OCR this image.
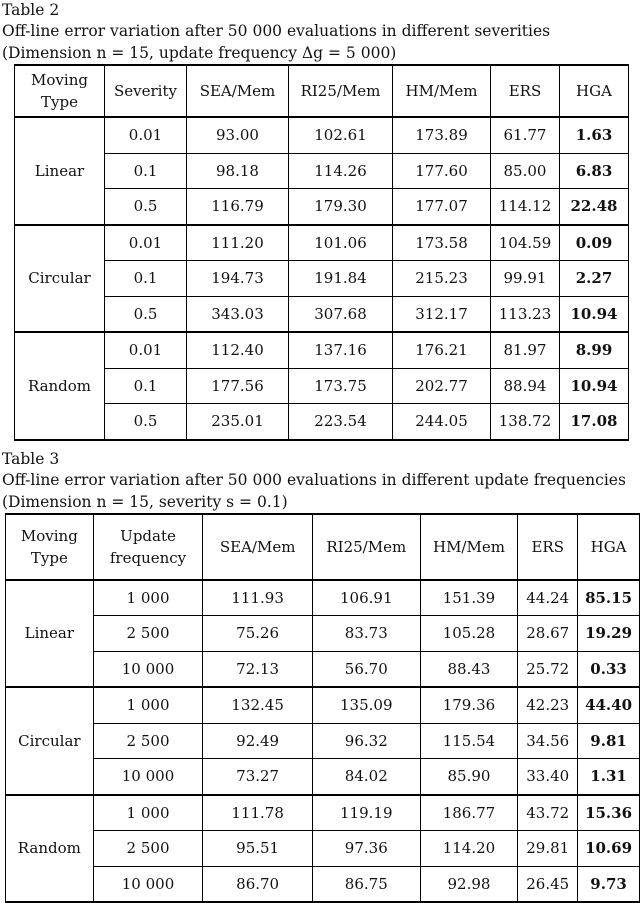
Table 2

Off-line error variation after 50 000 evaluations in different severities (Dimension n = 15, update frequency Δg = 5 000)

Moving Type	Severity	SEA/Mem	RI25/Mem	HM/Mem	ERS	HGA
Linear	0.01	93.00	102.61	173.89	61.77	1.63
	0.1	98.18	114.26	177.60	85.00	6.83
	0.5	116.79	179.30	177.07	114.12	22.48
Circular	0.01	111.20	101.06	173.58	104.59	0.09
	0.1	194.73	191.84	215.23	99.91	2.27
	0.5	343.03	307.68	312.17	113.23	10.94
Random	0.01	112.40	137.16	176.21	81.97	8.99
	0.1	177.56	173.75	202.77	88.94	10.94
	0.5	235.01	223.54	244.05	138.72	17.08

Table 3

Off-line error variation after 50 000 evaluations in different update frequencies (Dimension n = 15, severity s = 0.1)

Moving Type	Update frequency	SEA/Mem	RI25/Mem	HM/Mem	ERS	HGA
Linear	1 000	111.93	106.91	151.39	44.24	85.15
	2 500	75.26	83.73	105.28	28.67	19.29
	10 000	72.13	56.70	88.43	25.72	0.33
Circular	1 000	132.45	135.09	179.36	42.23	44.40
	2 500	92.49	96.32	115.54	34.56	9.81
	10 000	73.27	84.02	85.90	33.40	1.31
Random	1 000	111.78	119.19	186.77	43.72	15.36
	2 500	95.51	97.36	114.20	29.81	10.69
	10 000	86.70	86.75	92.98	26.45	9.73
